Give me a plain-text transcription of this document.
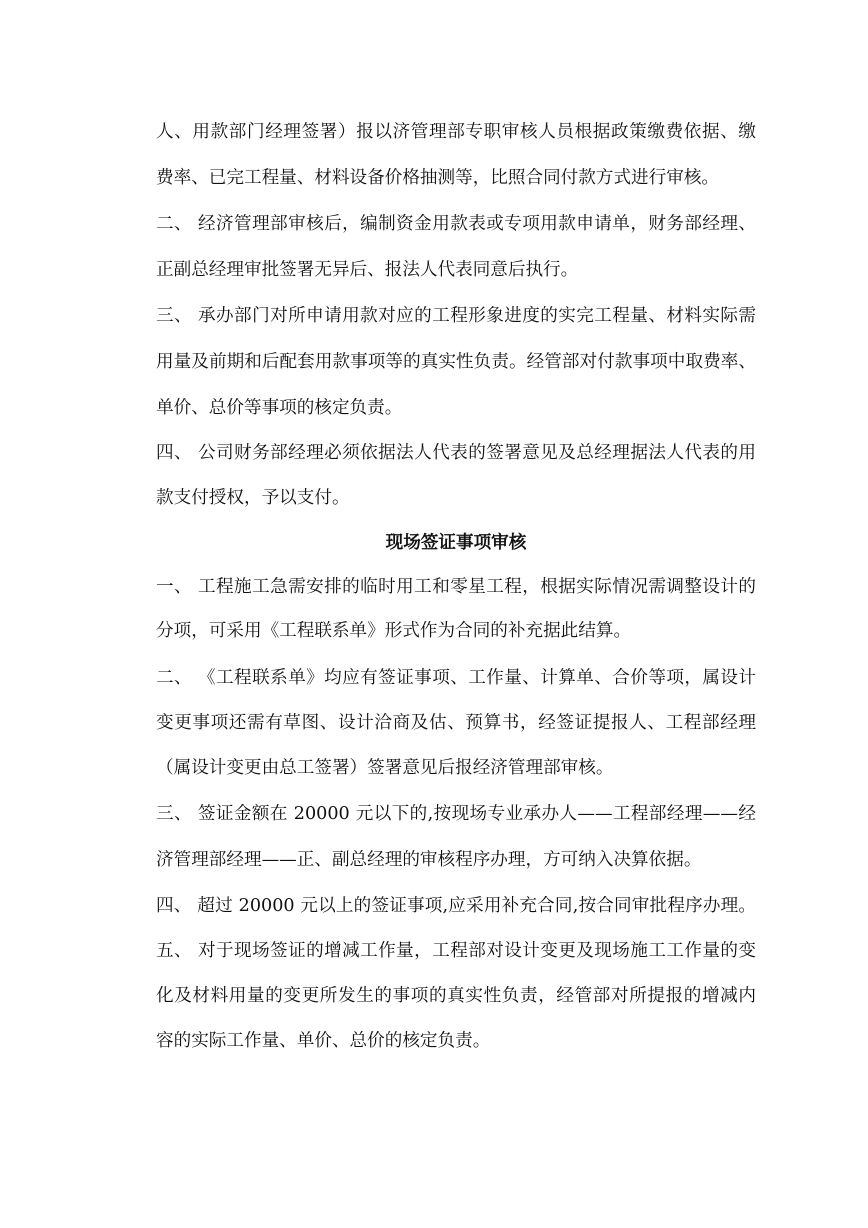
人、用款部门经理签署）报以济管理部专职审核人员根据政策缴费依据、缴
费率、已完工程量、材料设备价格抽测等，比照合同付款方式进行审核。
二、 经济管理部审核后，编制资金用款表或专项用款申请单，财务部经理、
正副总经理审批签署无异后、报法人代表同意后执行。
三、 承办部门对所申请用款对应的工程形象进度的实完工程量、材料实际需
用量及前期和后配套用款事项等的真实性负责。经管部对付款事项中取费率、
单价、总价等事项的核定负责。
四、 公司财务部经理必须依据法人代表的签署意见及总经理据法人代表的用
款支付授权，予以支付。
现场签证事项审核
一、 工程施工急需安排的临时用工和零星工程，根据实际情况需调整设计的
分项，可采用《工程联系单》形式作为合同的补充据此结算。
二、 《工程联系单》均应有签证事项、工作量、计算单、合价等项，属设计
变更事项还需有草图、设计洽商及估、预算书，经签证提报人、工程部经理
（属设计变更由总工签署）签署意见后报经济管理部审核。
三、 签证金额在 20000 元以下的,按现场专业承办人——工程部经理——经
济管理部经理——正、副总经理的审核程序办理，方可纳入决算依据。
四、 超过 20000 元以上的签证事项,应采用补充合同,按合同审批程序办理。
五、 对于现场签证的增减工作量，工程部对设计变更及现场施工工作量的变
化及材料用量的变更所发生的事项的真实性负责，经管部对所提报的增减内
容的实际工作量、单价、总价的核定负责。
